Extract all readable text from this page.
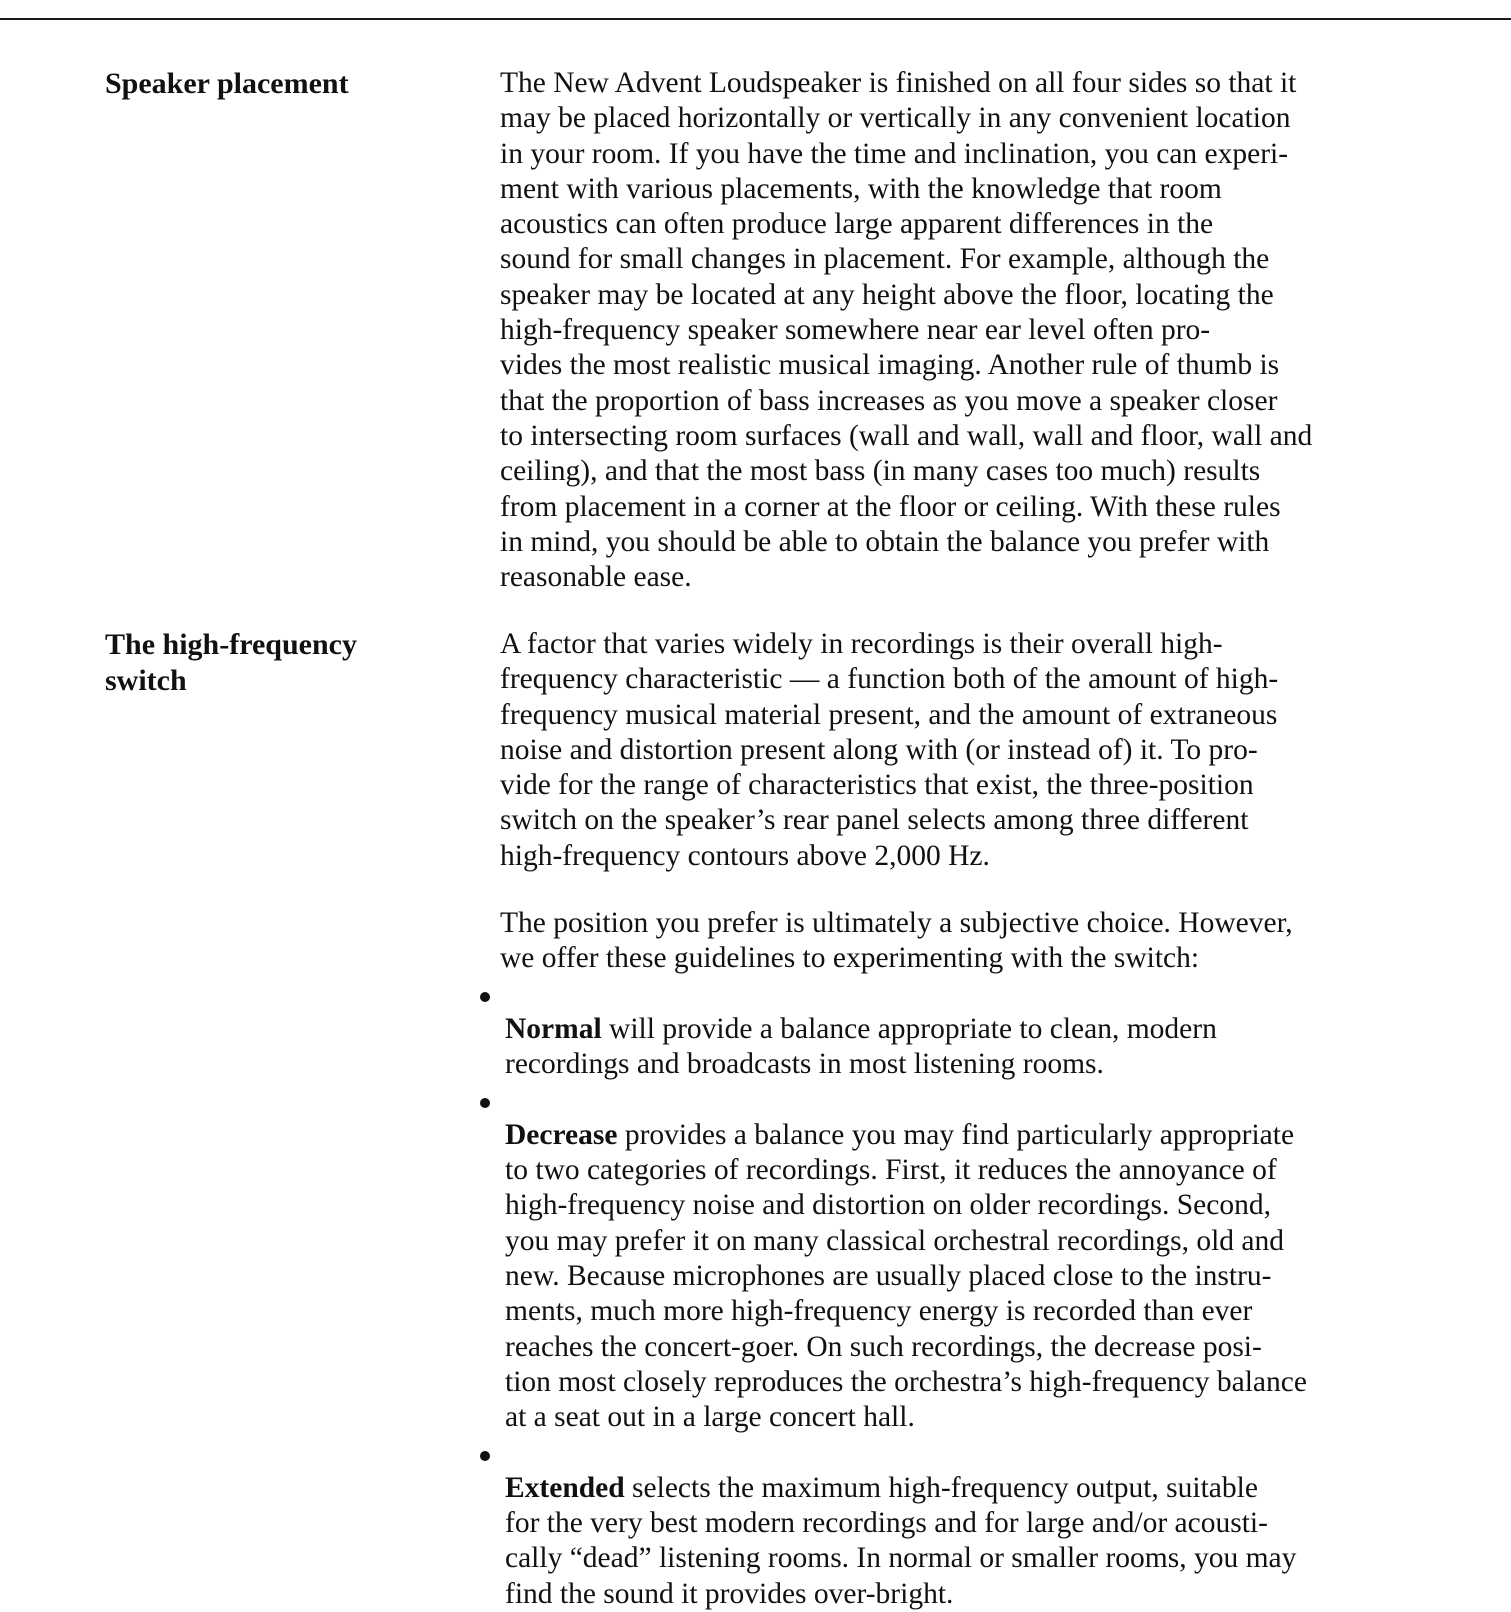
Speaker placement	The New Advent Loudspeaker is finished on all four sides so that it
may be placed horizontally or vertically in any convenient location
in your room. If you have the time and inclination, you can experi-
ment with various placements, with the knowledge that room
acoustics can often produce large apparent differences in the
sound for small changes in placement. For example, although the
speaker may be located at any height above the floor, locating the
high-frequency speaker somewhere near ear level often pro-
vides the most realistic musical imaging. Another rule of thumb is
that the proportion of bass increases as you move a speaker closer
to intersecting room surfaces (wall and wall, wall and floor, wall and
ceiling), and that the most bass (in many cases too much) results
from placement in a corner at the floor or ceiling. With these rules
in mind, you should be able to obtain the balance you prefer with
reasonable ease.

The high-frequency
switch

A factor that varies widely in recordings is their overall high-
frequency characteristic — a function both of the amount of high-
frequency musical material present, and the amount of extraneous
noise and distortion present along with (or instead of) it. To pro-
vide for the range of characteristics that exist, the three-position
switch on the speaker’s rear panel selects among three different
high-frequency contours above 2,000 Hz.

The position you prefer is ultimately a subjective choice. However,
we offer these guidelines to experimenting with the switch:

Normal will provide a balance appropriate to clean, modern
recordings and broadcasts in most listening rooms.

Decrease provides a balance you may find particularly appropriate
to two categories of recordings. First, it reduces the annoyance of
high-frequency noise and distortion on older recordings. Second,
you may prefer it on many classical orchestral recordings, old and
new. Because microphones are usually placed close to the instru-
ments, much more high-frequency energy is recorded than ever
reaches the concert-goer. On such recordings, the decrease posi-
tion most closely reproduces the orchestra’s high-frequency balance
at a seat out in a large concert hall.

Extended selects the maximum high-frequency output, suitable
for the very best modern recordings and for large and/or acousti-
cally “dead” listening rooms. In normal or smaller rooms, you may
find the sound it provides over-bright.
